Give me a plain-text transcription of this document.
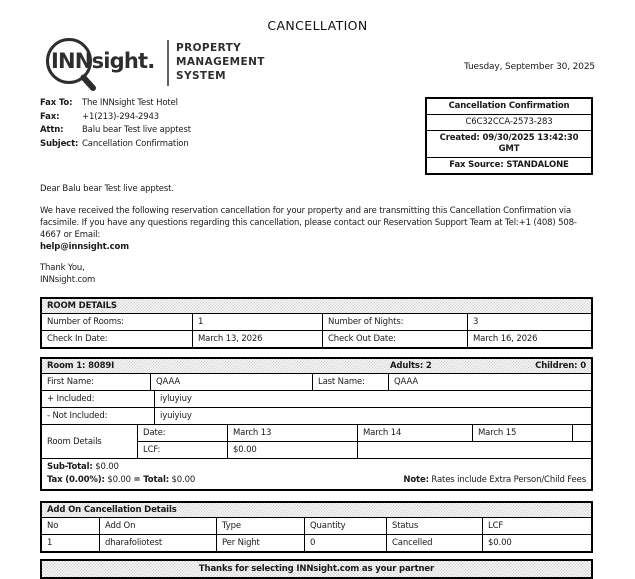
CANCELLATION
INNsight.
PROPERTY
MANAGEMENT
SYSTEM
Tuesday, September 30, 2025
Fax To:	The INNsight Test Hotel
Fax:	+1(213)-294-2943
Attn:	Balu bear Test live apptest
Subject: Cancellation Confirmation
Cancellation Confirmation
C6C32CCA-2573-283
Created: 09/30/2025 13:42:30 GMT
Fax Source: STANDALONE
Dear Balu bear Test live apptest.
We have received the following reservation cancellation for your property and are transmitting this Cancellation Confirmation via facsimile. If you have any questions regarding this cancellation, please contact our Reservation Support Team at Tel:+1 (408) 508-4667 or Email:
help@innsight.com
Thank You,
INNsight.com
ROOM DETAILS
Number of Rooms:	1	Number of Nights:	3
Check In Date:	March 13, 2026	Check Out Date:	March 16, 2026
Room 1: 8089I	Adults: 2	Children: 0
First Name:	QAAA	Last Name:	QAAA
+ Included:	iyluyiuy
- Not Included:	iyuiyiuy
Room Details
Date:	March 13	March 14	March 15
LCF:	$0.00
Sub-Total: $0.00
Tax (0.00%): $0.00 = Total: $0.00	Note: Rates include Extra Person/Child Fees
Add On Cancellation Details
No	Add On	Type	Quantity	Status	LCF
1	dharafoliotest	Per Night	0	Cancelled	$0.00
Thanks for selecting INNsight.com as your partner
